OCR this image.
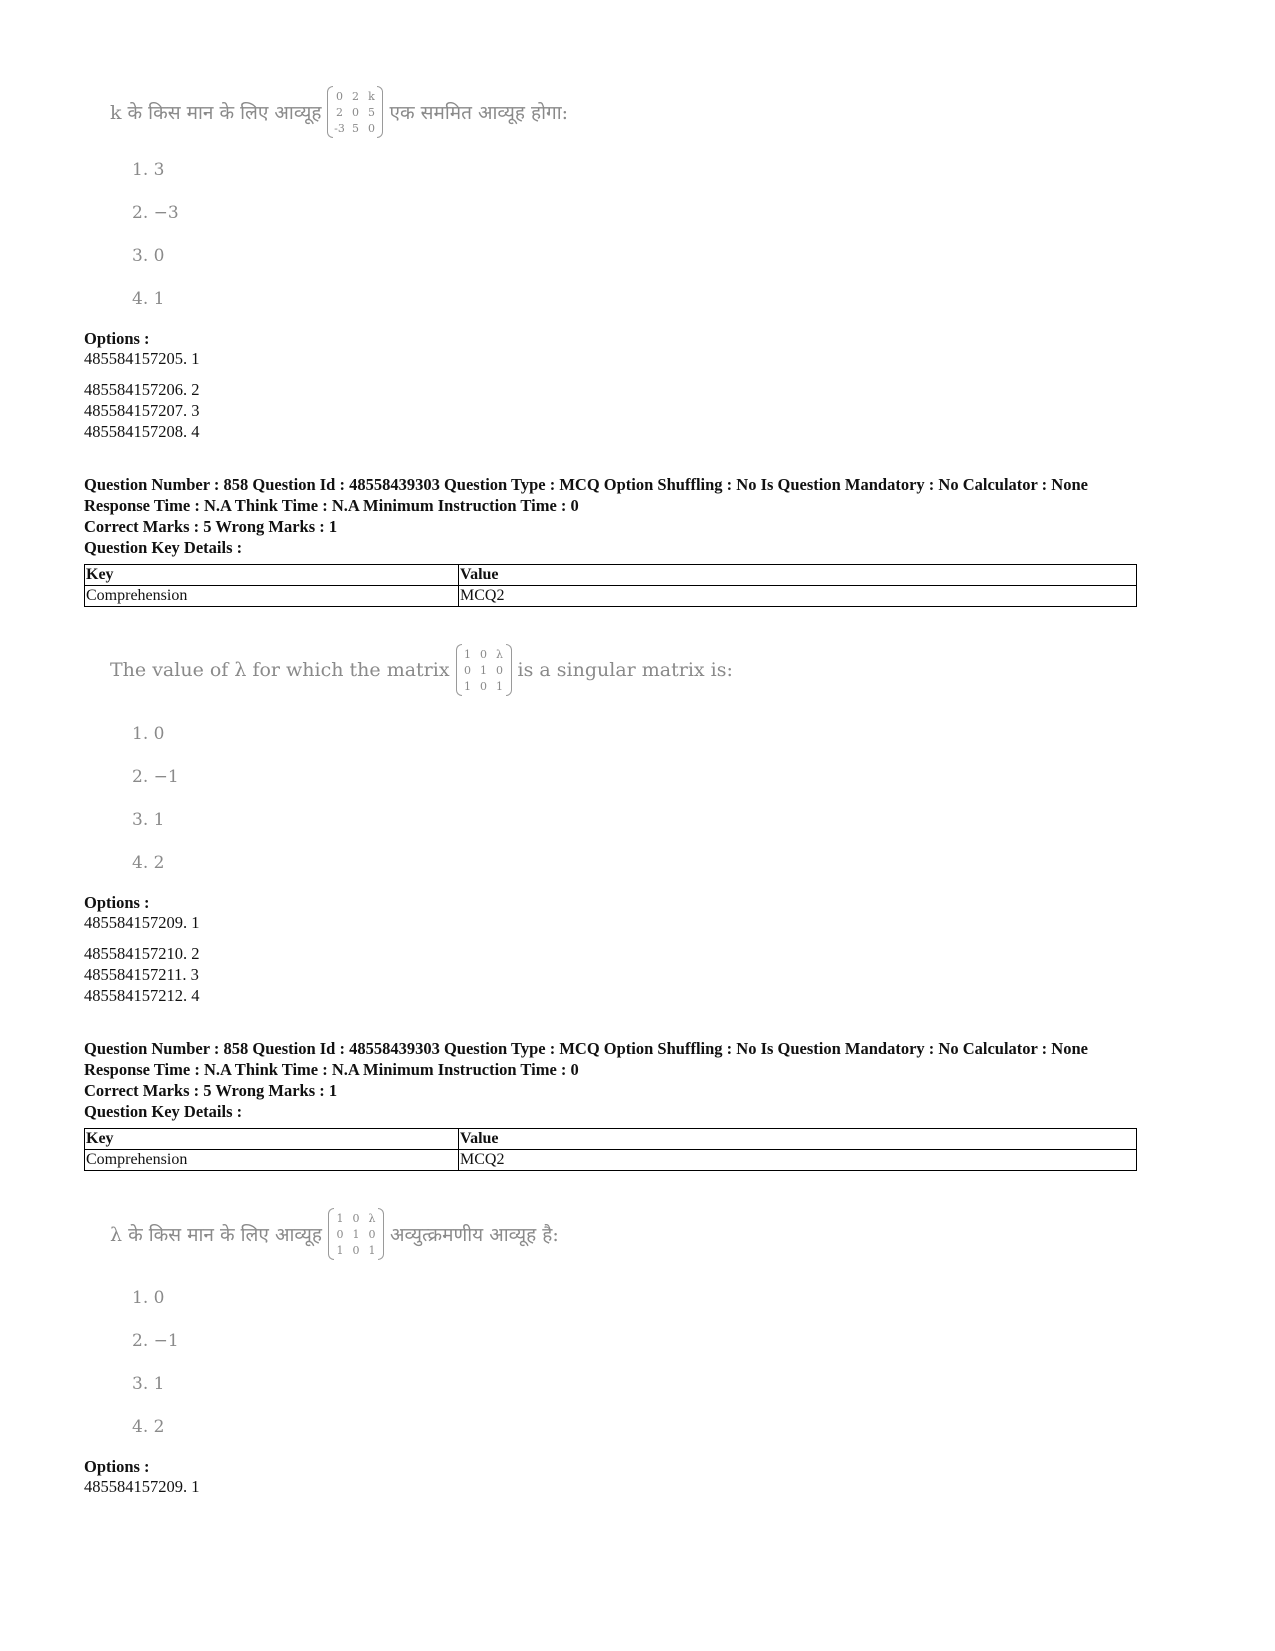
k के किस मान के लिए आव्यूह
0 2 k
2 0 5
-3 5 0
एक सममित आव्यूह होगा:
1. 3
2. −3
3. 0
4. 1
Options :
485584157205. 1
485584157206. 2
485584157207. 3
485584157208. 4
Question Number : 858 Question Id : 48558439303 Question Type : MCQ Option Shuffling : No Is Question Mandatory : No Calculator : None
Response Time : N.A Think Time : N.A Minimum Instruction Time : 0
Correct Marks : 5 Wrong Marks : 1
Question Key Details :
Key	Value
Comprehension	MCQ2
The value of λ for which the matrix
1 0 λ
0 1 0
1 0 1
is a singular matrix is:
1. 0
2. −1
3. 1
4. 2
Options :
485584157209. 1
485584157210. 2
485584157211. 3
485584157212. 4
Question Number : 858 Question Id : 48558439303 Question Type : MCQ Option Shuffling : No Is Question Mandatory : No Calculator : None
Response Time : N.A Think Time : N.A Minimum Instruction Time : 0
Correct Marks : 5 Wrong Marks : 1
Question Key Details :
Key	Value
Comprehension	MCQ2
λ के किस मान के लिए आव्यूह
1 0 λ
0 1 0
1 0 1
अव्युत्क्रमणीय आव्यूह है:
1. 0
2. −1
3. 1
4. 2
Options :
485584157209. 1
